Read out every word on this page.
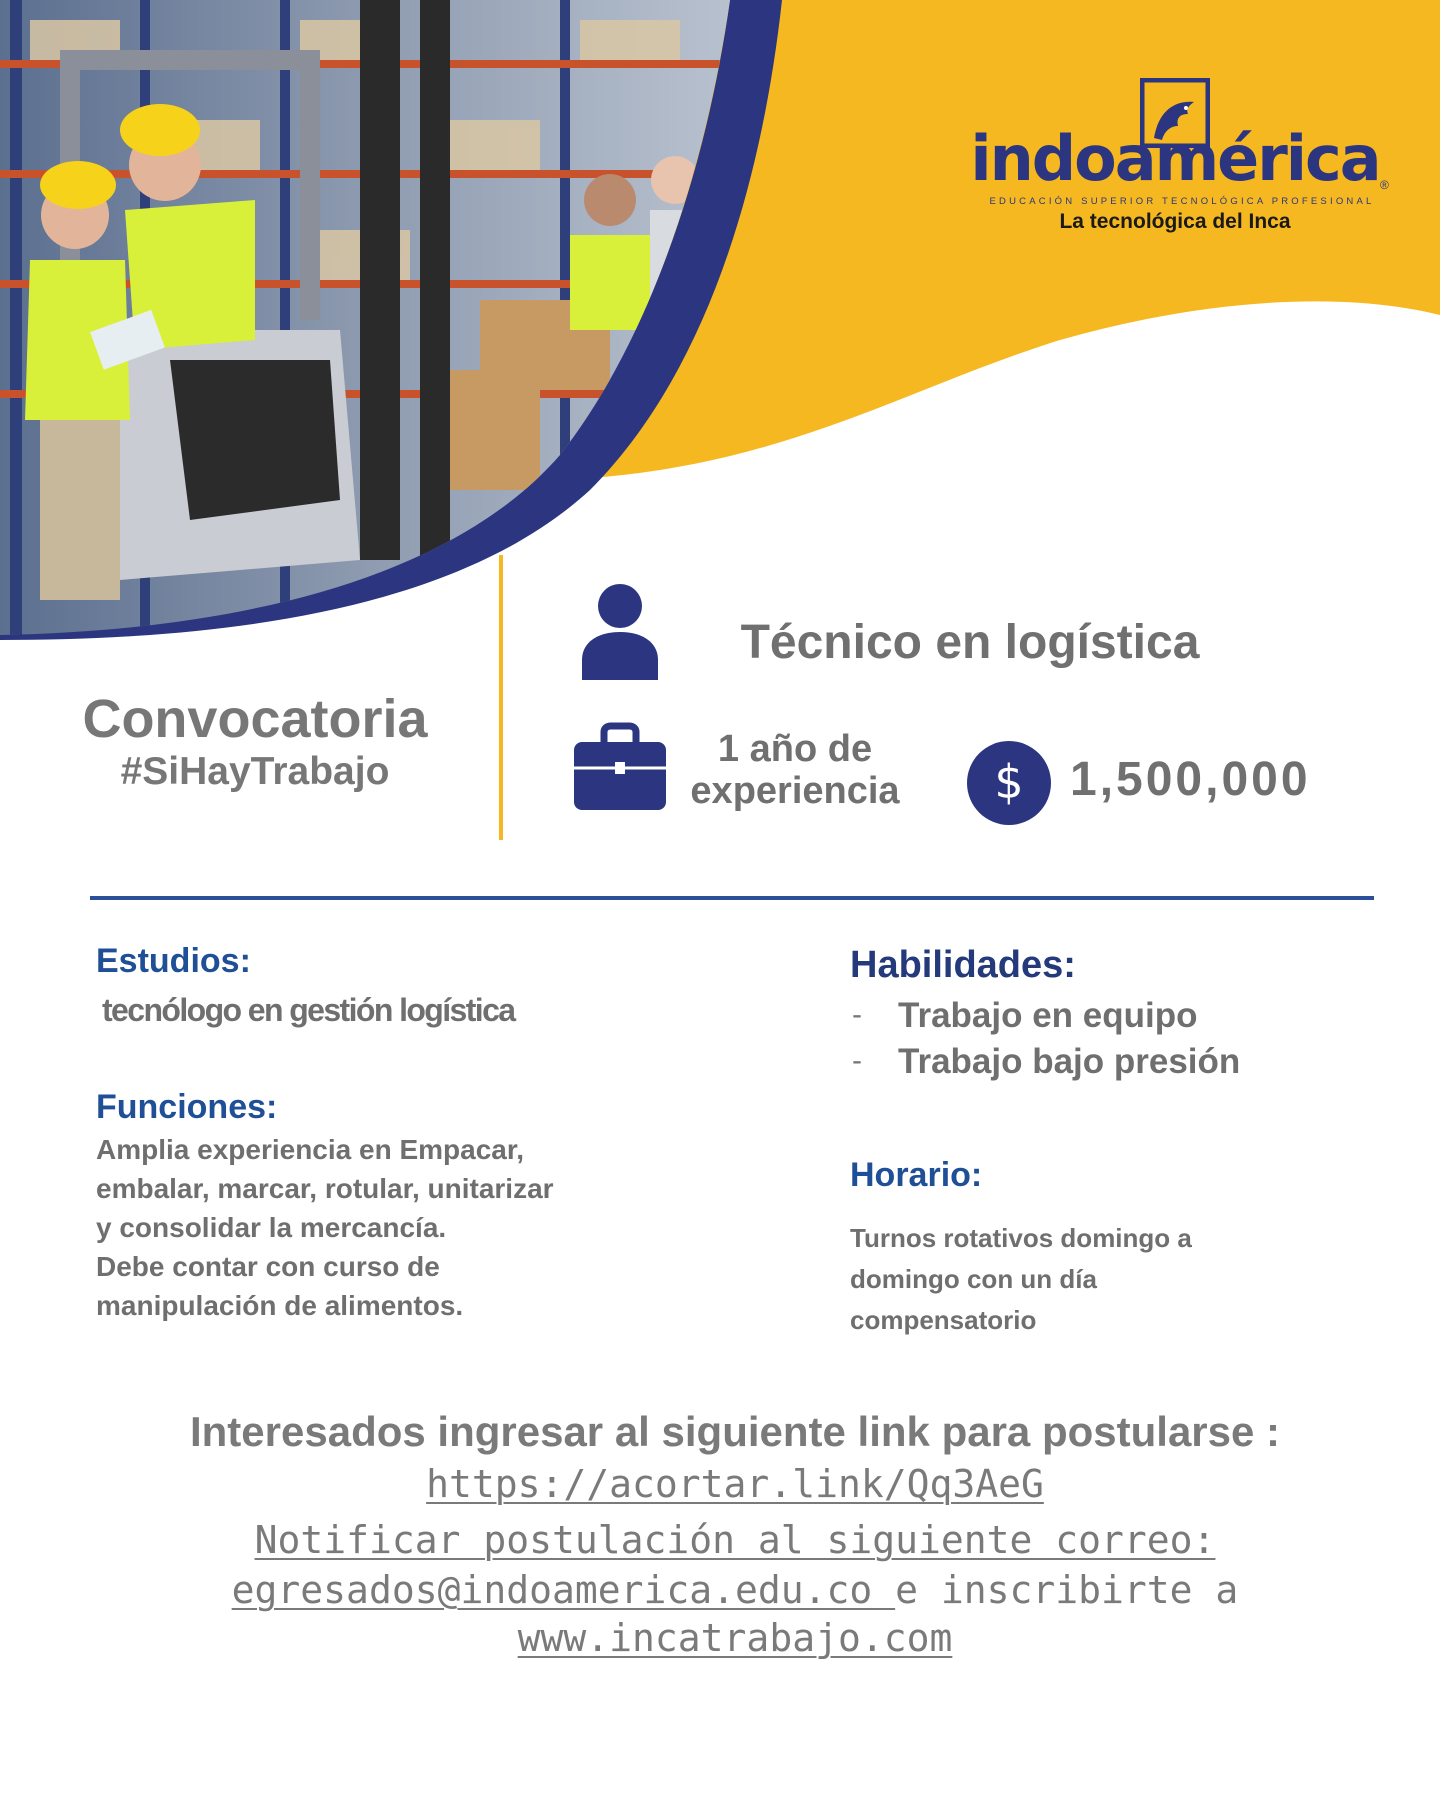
indoamérica ®
EDUCACIÓN SUPERIOR TECNOLÓGICA PROFESIONAL
La tecnológica del Inca
Convocatoria
#SiHayTrabajo
Técnico en logística
1 año de
experiencia	$ 1,500,000
Estudios:
tecnólogo en gestión logística
Funciones:
Amplia experiencia en Empacar,
embalar, marcar, rotular, unitarizar
y consolidar la mercancía.
Debe contar con curso de
manipulación de alimentos.
Habilidades:
- Trabajo en equipo
- Trabajo bajo presión
Horario:
Turnos rotativos domingo a
domingo con un día
compensatorio
Interesados ingresar al siguiente link para postularse :
https://acortar.link/Qq3AeG
Notificar postulación al siguiente correo:
egresados@indoamerica.edu.co e inscribirte a
www.incatrabajo.com
